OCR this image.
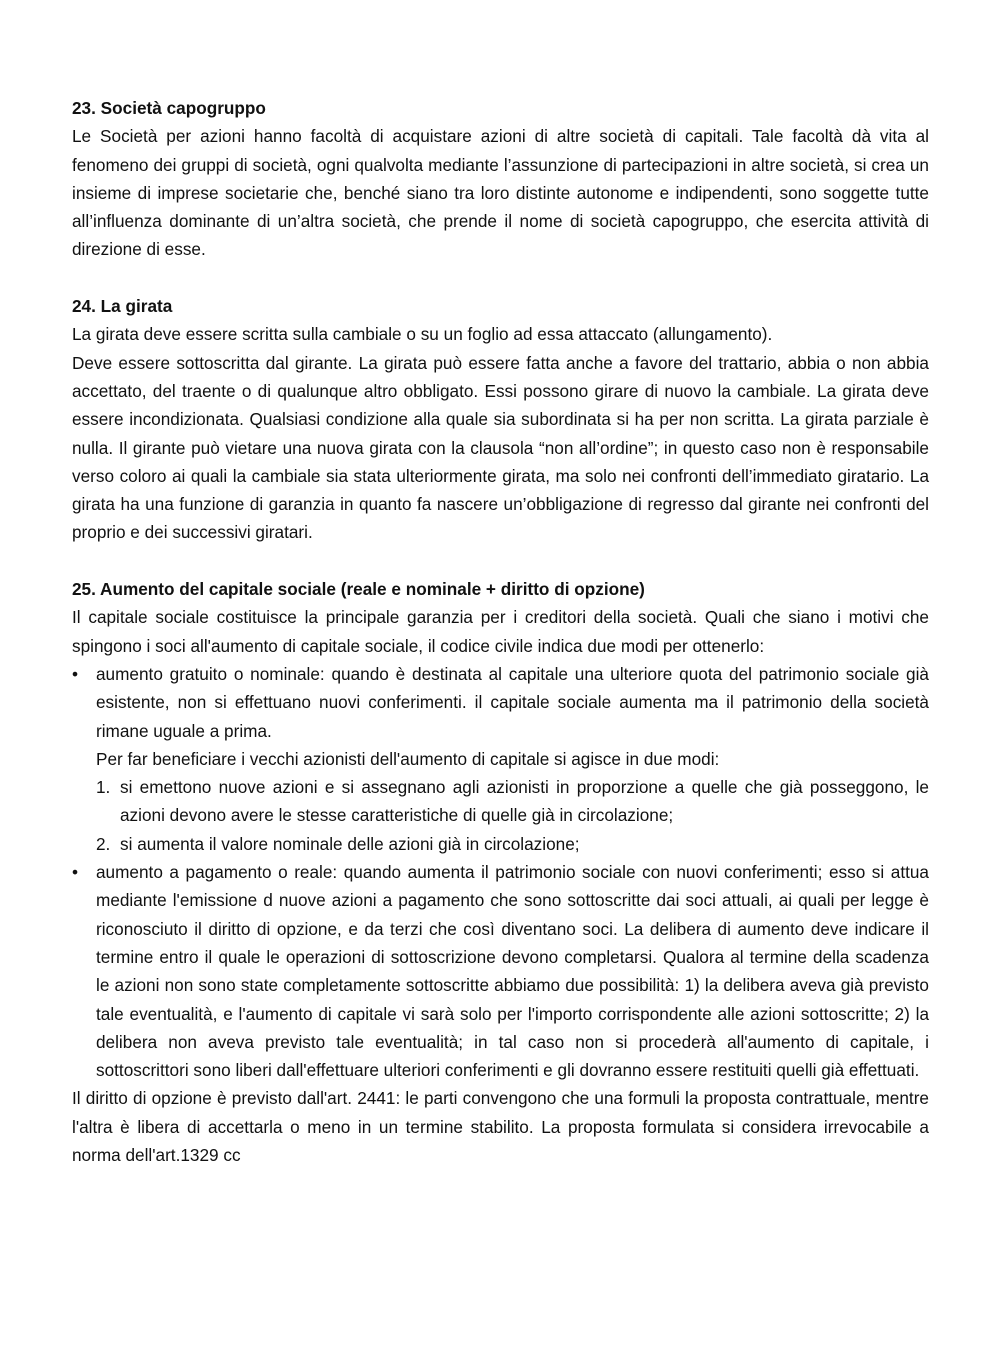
23. Società capogruppo

Le Società per azioni hanno facoltà di acquistare azioni di altre società di capitali. Tale facoltà dà vita al fenomeno dei gruppi di società, ogni qualvolta mediante l’assunzione di partecipazioni in altre società, si crea un insieme di imprese societarie che, benché siano tra loro distinte autonome e indipendenti, sono soggette tutte all’influenza dominante di un’altra società, che prende il nome di società capogruppo, che esercita attività di direzione di esse.

24. La girata

La girata deve essere scritta sulla cambiale o su un foglio ad essa attaccato (allungamento).

Deve essere sottoscritta dal girante. La girata può essere fatta anche a favore del trattario, abbia o non abbia accettato, del traente o di qualunque altro obbligato. Essi possono girare di nuovo la cambiale. La girata deve essere incondizionata. Qualsiasi condizione alla quale sia subordinata si ha per non scritta. La girata parziale è nulla. Il girante può vietare una nuova girata con la clausola “non all’ordine”; in questo caso non è responsabile verso coloro ai quali la cambiale sia stata ulteriormente girata, ma solo nei confronti dell’immediato giratario. La girata ha una funzione di garanzia in quanto fa nascere un’obbligazione di regresso dal girante nei confronti del proprio e dei successivi giratari.

25. Aumento del capitale sociale (reale e nominale + diritto di opzione)

Il capitale sociale costituisce la principale garanzia per i creditori della società. Quali che siano i motivi che spingono i soci all'aumento di capitale sociale, il codice civile indica due modi per ottenerlo:

•	aumento gratuito o nominale: quando è destinata al capitale una ulteriore quota del patrimonio sociale già esistente, non si effettuano nuovi conferimenti. il capitale sociale aumenta ma il patrimonio della società rimane uguale a prima.

Per far beneficiare i vecchi azionisti dell'aumento di capitale si agisce in due modi:

1. si emettono nuove azioni e si assegnano agli azionisti in proporzione a quelle che già posseggono, le azioni devono avere le stesse caratteristiche di quelle già in circolazione;
2. si aumenta il valore nominale delle azioni già in circolazione;
•	aumento a pagamento o reale: quando aumenta il patrimonio sociale con nuovi conferimenti; esso si attua mediante l'emissione d nuove azioni a pagamento che sono sottoscritte dai soci attuali, ai quali per legge è riconosciuto il diritto di opzione, e da terzi che così diventano soci. La delibera di aumento deve indicare il termine entro il quale le operazioni di sottoscrizione devono completarsi. Qualora al termine della scadenza le azioni non sono state completamente sottoscritte abbiamo due possibilità: 1) la delibera aveva già previsto tale eventualità, e l'aumento di capitale vi sarà solo per l'importo corrispondente alle azioni sottoscritte; 2) la delibera non aveva previsto tale eventualità; in tal caso non si procederà all'aumento di capitale, i sottoscrittori sono liberi dall'effettuare ulteriori conferimenti e gli dovranno essere restituiti quelli già effettuati.

Il diritto di opzione è previsto dall'art. 2441: le parti convengono che una formuli la proposta contrattuale, mentre l'altra è libera di accettarla o meno in un termine stabilito. La proposta formulata si considera irrevocabile a norma dell'art.1329 cc
